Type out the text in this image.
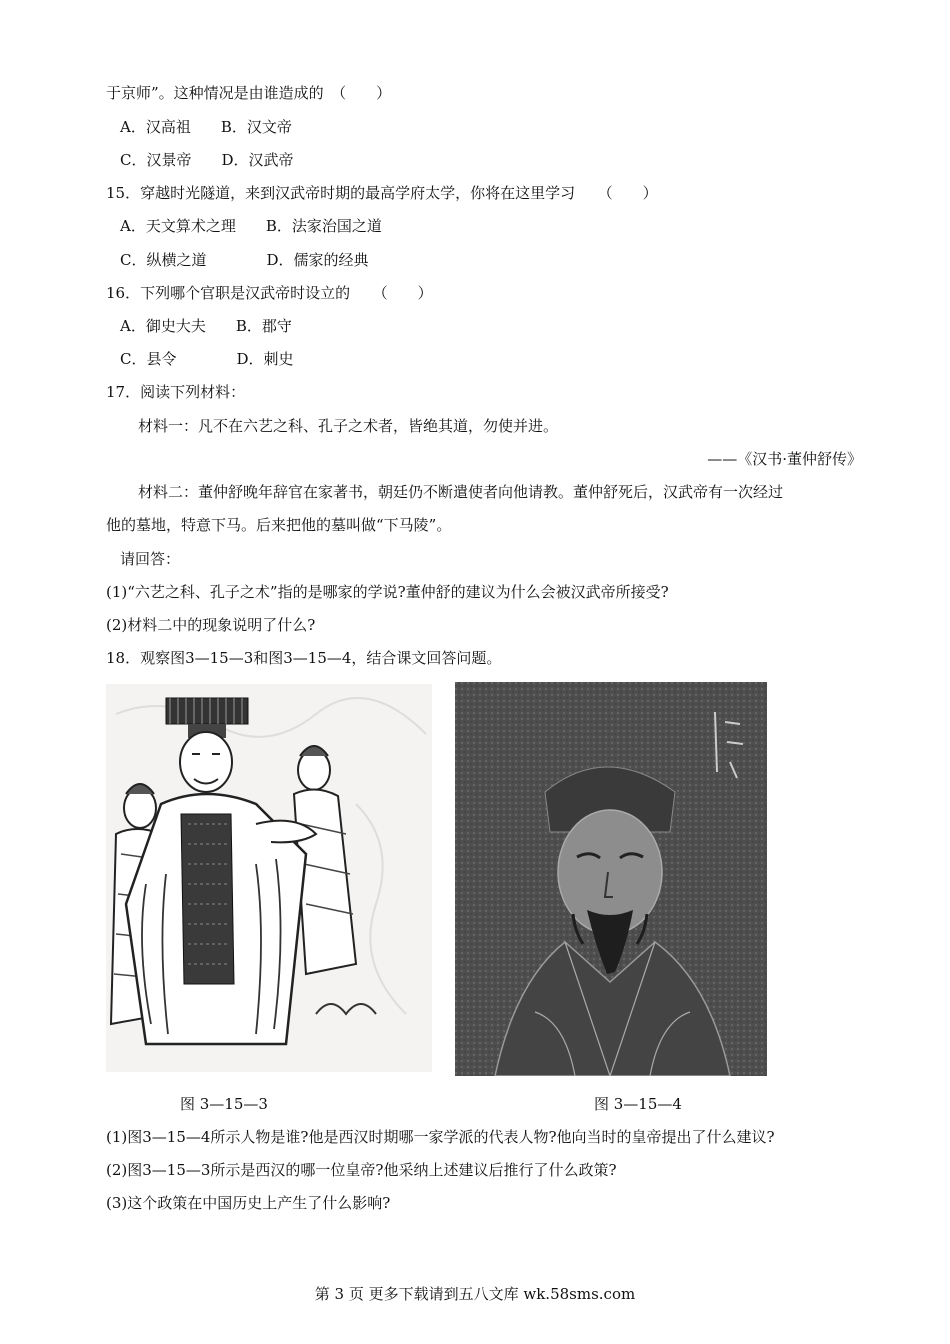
于京师”。这种情况是由谁造成的　（　　）
A．汉高祖　　B．汉文帝
C．汉景帝　　D．汉武帝
15．穿越时光隧道，来到汉武帝时期的最高学府太学，你将在这里学习　　（　　）
A．天文算术之理　　B．法家治国之道
C．纵横之道　　　　D．儒家的经典
16．下列哪个官职是汉武帝时设立的　　（　　）
A．御史大夫　　B．郡守
C．县令　　　　D．刺史
17．阅读下列材料：
材料一：凡不在六艺之科、孔子之术者，皆绝其道，勿使并进。
——《汉书·董仲舒传》
材料二：董仲舒晚年辞官在家著书，朝廷仍不断遣使者向他请教。董仲舒死后，汉武帝有一次经过
他的墓地，特意下马。后来把他的墓叫做“下马陵”。
请回答：
(1)“六艺之科、孔子之术”指的是哪家的学说?董仲舒的建议为什么会被汉武帝所接受?
(2)材料二中的现象说明了什么?
18．观察图3—15—3和图3—15—4，结合课文回答问题。
图 3—15—3	图 3—15—4
(1)图3—15—4所示人物是谁?他是西汉时期哪一家学派的代表人物?他向当时的皇帝提出了什么建议?
(2)图3—15—3所示是西汉的哪一位皇帝?他采纳上述建议后推行了什么政策?
(3)这个政策在中国历史上产生了什么影响?
第 3 页 更多下载请到五八文库 wk.58sms.com
